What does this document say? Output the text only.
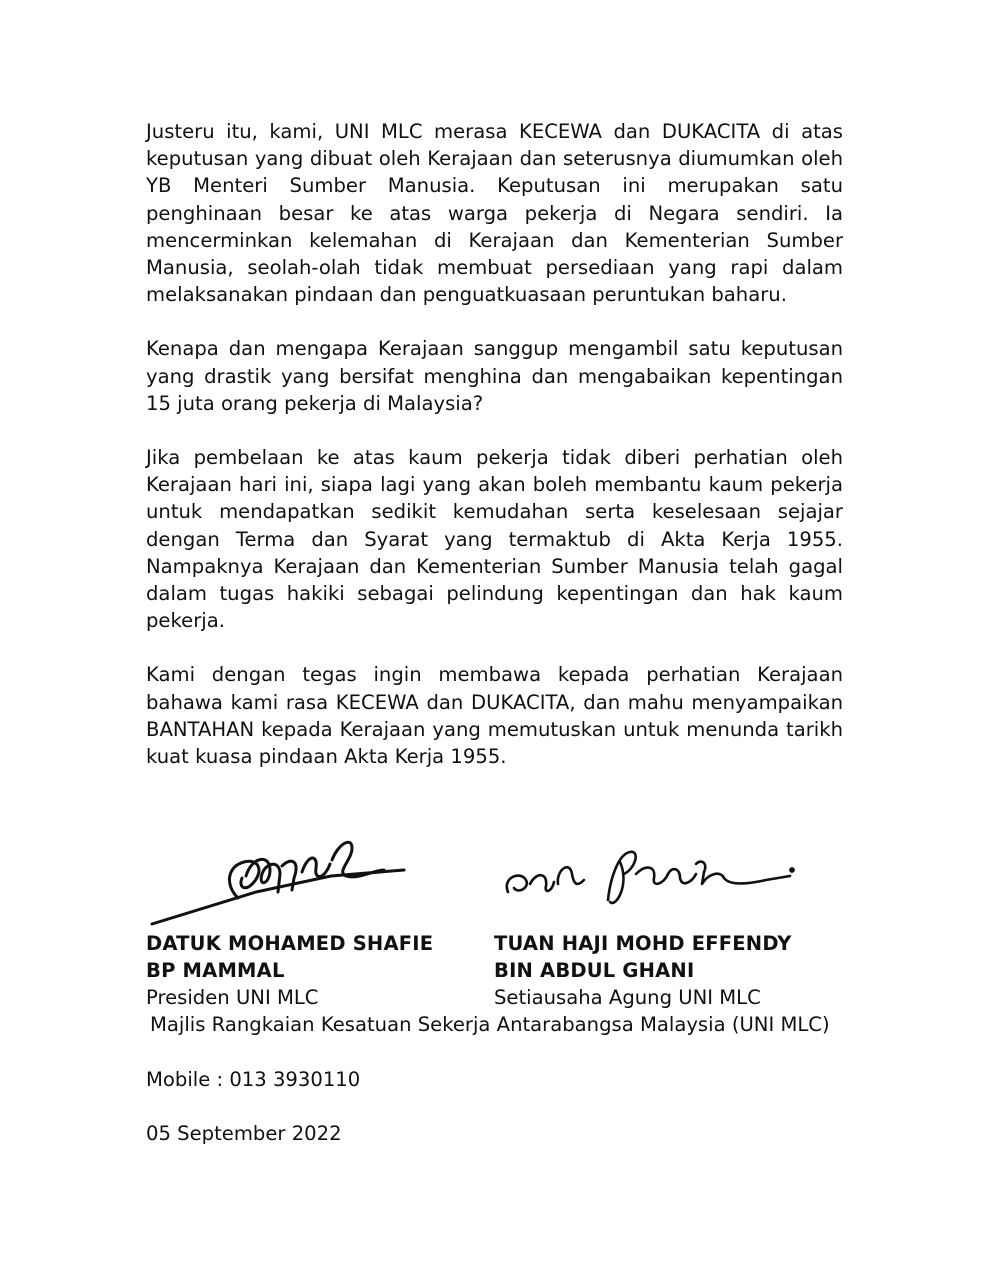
Justeru itu, kami, UNI MLC merasa KECEWA dan DUKACITA di atas keputusan yang dibuat oleh Kerajaan dan seterusnya diumumkan oleh YB Menteri Sumber Manusia. Keputusan ini merupakan satu penghinaan besar ke atas warga pekerja di Negara sendiri. Ia mencerminkan kelemahan di Kerajaan dan Kementerian Sumber Manusia, seolah-olah tidak membuat persediaan yang rapi dalam melaksanakan pindaan dan penguatkuasaan peruntukan baharu.

Kenapa dan mengapa Kerajaan sanggup mengambil satu keputusan yang drastik yang bersifat menghina dan mengabaikan kepentingan 15 juta orang pekerja di Malaysia?

Jika pembelaan ke atas kaum pekerja tidak diberi perhatian oleh Kerajaan hari ini, siapa lagi yang akan boleh membantu kaum pekerja untuk mendapatkan sedikit kemudahan serta keselesaan sejajar dengan Terma dan Syarat yang termaktub di Akta Kerja 1955. Nampaknya Kerajaan dan Kementerian Sumber Manusia telah gagal dalam tugas hakiki sebagai pelindung kepentingan dan hak kaum pekerja.

Kami dengan tegas ingin membawa kepada perhatian Kerajaan bahawa kami rasa KECEWA dan DUKACITA, dan mahu menyampaikan BANTAHAN kepada Kerajaan yang memutuskan untuk menunda tarikh kuat kuasa pindaan Akta Kerja 1955.

DATUK MOHAMED SHAFIE
BP MAMMAL
TUAN HAJI MOHD EFFENDY
BIN ABDUL GHANI
Presiden UNI MLC	Setiausaha Agung UNI MLC
Majlis Rangkaian Kesatuan Sekerja Antarabangsa Malaysia (UNI MLC)
Mobile : 013 3930110
05 September 2022
